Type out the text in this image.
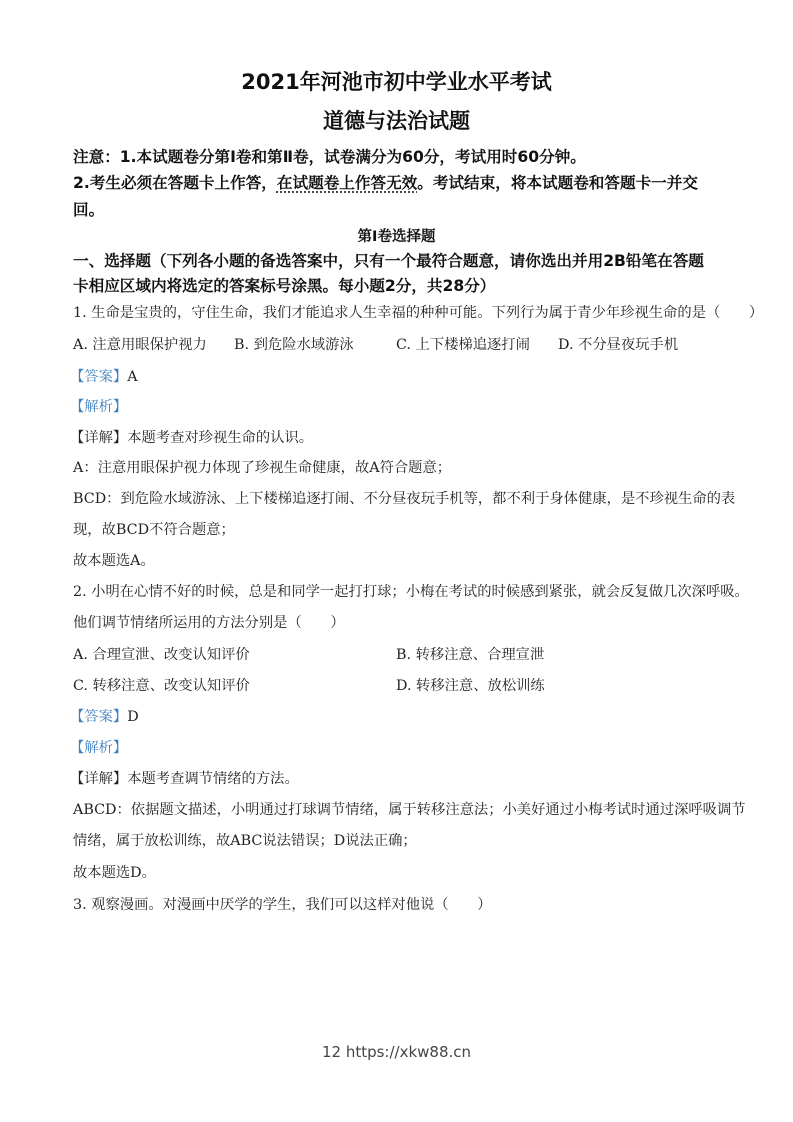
2021年河池市初中学业水平考试
道德与法治试题
注意：1.本试题卷分第Ⅰ卷和第Ⅱ卷，试卷满分为60分，考试用时60分钟。
2.考生必须在答题卡上作答，在试题卷上作答无效。考试结束，将本试题卷和答题卡一并交
回。
第Ⅰ卷选择题
一、选择题（下列各小题的备选答案中，只有一个最符合题意，请你选出并用2B铅笔在答题
卡相应区域内将选定的答案标号涂黑。每小题2分，共28分）
1. 生命是宝贵的，守住生命，我们才能追求人生幸福的种种可能。下列行为属于青少年珍视生命的是（　　）
A. 注意用眼保护视力 B. 到危险水域游泳	C. 上下楼梯追逐打闹 D. 不分昼夜玩手机
【答案】A
【解析】
【详解】本题考查对珍视生命的认识。
A：注意用眼保护视力体现了珍视生命健康，故A符合题意；
BCD：到危险水域游泳、上下楼梯追逐打闹、不分昼夜玩手机等，都不利于身体健康，是不珍视生命的表
现，故BCD不符合题意；
故本题选A。
2. 小明在心情不好的时候，总是和同学一起打打球；小梅在考试的时候感到紧张，就会反复做几次深呼吸。
他们调节情绪所运用的方法分别是（　　）
A. 合理宣泄、改变认知评价	B. 转移注意、合理宣泄
C. 转移注意、改变认知评价	D. 转移注意、放松训练
【答案】D
【解析】
【详解】本题考查调节情绪的方法。
ABCD：依据题文描述，小明通过打球调节情绪，属于转移注意法；小美好通过小梅考试时通过深呼吸调节
情绪，属于放松训练，故ABC说法错误；D说法正确；
故本题选D。
3. 观察漫画。对漫画中厌学的学生，我们可以这样对他说（　　）
12 https://xkw88.cn
